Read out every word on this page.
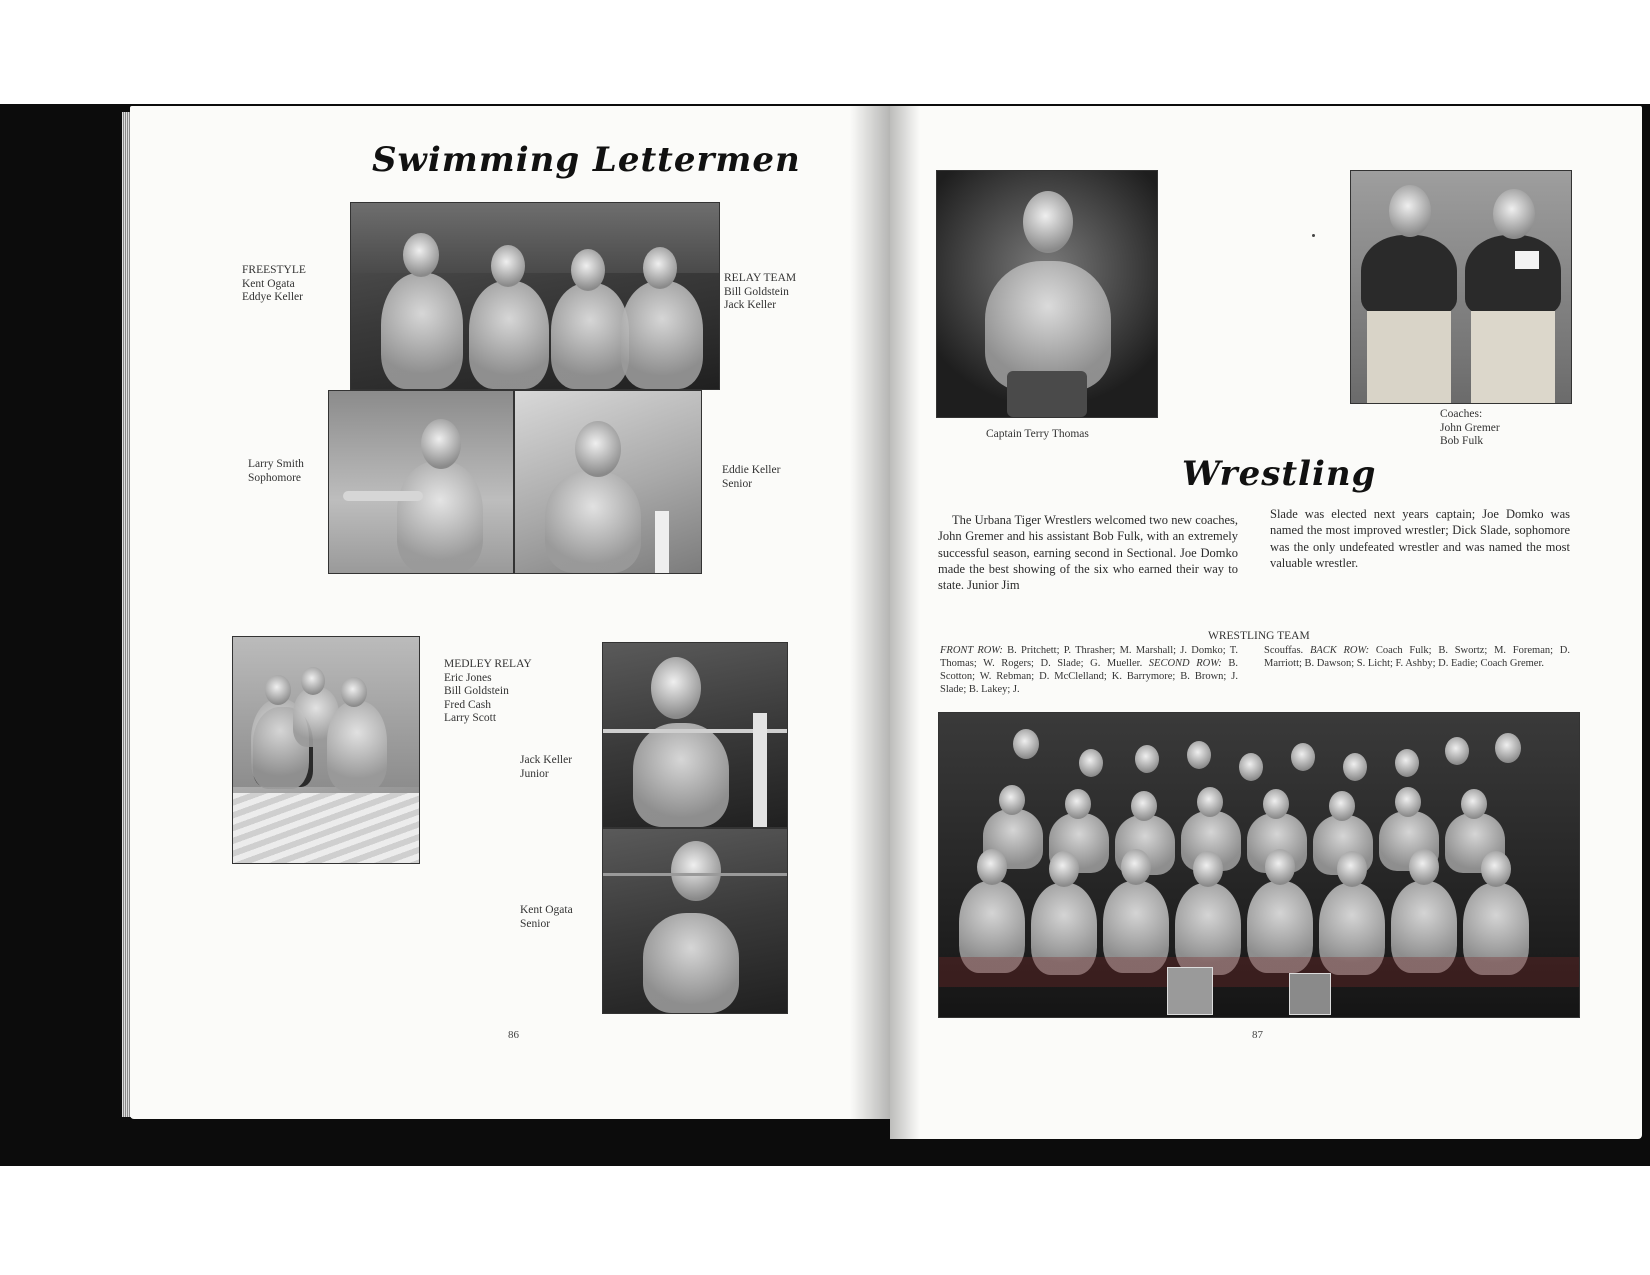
Swimming Lettermen
FREESTYLE
Kent Ogata
Eddye Keller
RELAY TEAM
Bill Goldstein
Jack Keller
Larry Smith
Sophomore
Eddie Keller
Senior
MEDLEY RELAY
Eric Jones
Bill Goldstein
Fred Cash
Larry Scott
Jack Keller
Junior
Kent Ogata
Senior
86
Captain Terry Thomas
Coaches:
John Gremer
Bob Fulk
Wrestling
The Urbana Tiger Wrestlers welcomed two new coaches, John Gremer and his assistant Bob Fulk, with an extremely successful season, earning second in Sectional. Joe Domko made the best showing of the six who earned their way to state. Junior Jim
Slade was elected next years captain; Joe Domko was named the most improved wrestler; Dick Slade, sophomore was the only undefeated wrestler and was named the most valuable wrestler.
WRESTLING TEAM
FRONT ROW: B. Pritchett; P. Thrasher; M. Marshall; J. Domko; T. Thomas; W. Rogers; D. Slade; G. Mueller. SECOND ROW: B. Scotton; W. Rebman; D. McClelland; K. Barrymore; B. Brown; J. Slade; B. Lakey; J.
Scouffas. BACK ROW: Coach Fulk; B. Swortz; M. Foreman; D. Marriott; B. Dawson; S. Licht; F. Ashby; D. Eadie; Coach Gremer.
87
